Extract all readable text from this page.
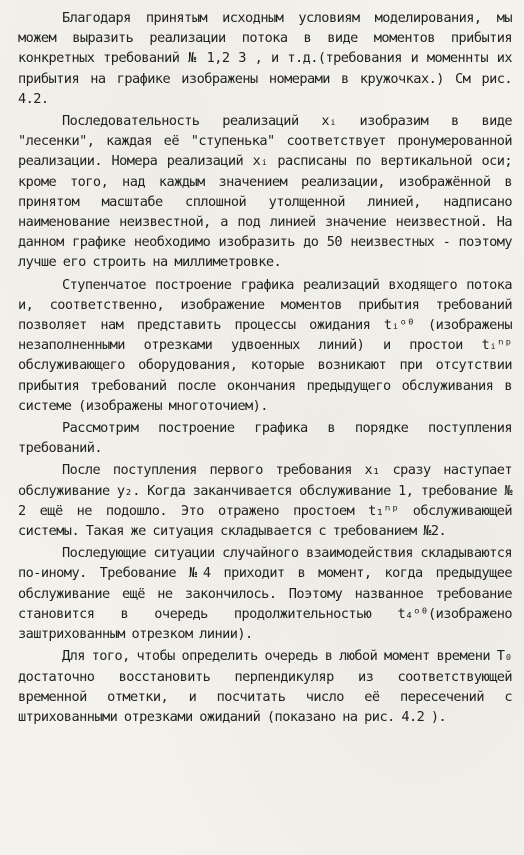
Благодаря принятым исходным условиям моделирования, мы можем выразить реализации потока в виде моментов прибытия конкретных требований № 1,2 3 , и т.д.(требования и моменнты их прибытия на графике изображены номерами в кружочках.) См рис. 4.2.

Последовательность реализаций xᵢ изобразим в виде "лесенки", каждая её "ступенька" соответствует пронумерованной реализации. Номера реализаций xᵢ расписаны по вертикальной оси; кроме того, над каждым значением реализации, изображённой в принятом масштабе сплошной утолщенной линией, надписано наименование неизвестной, а под линией значение неизвестной. На данном графике необходимо изобразить до 50 неизвестных - поэтому лучше его строить на миллиметровке.

Ступенчатое построение графика реализаций входящего потока и, соответственно, изображение моментов прибытия требований позволяет нам представить процессы ожидания tᵢᵒᶿ (изображены незаполненными отрезками удвоенных линий) и простои tᵢⁿᵖ обслуживающего оборудования, которые возникают при отсутствии прибытия требований после окончания предыдущего обслуживания в системе (изображены многоточием).

Рассмотрим построение графика в порядке поступления требований.

После поступления первого требования x₁ сразу наступает обслуживание y₂. Когда заканчивается обслуживание 1, требование № 2 ещё не подошло. Это отражено простоем t₁ⁿᵖ обслуживающей системы. Такая же ситуация складывается с требованием №2.

Последующие ситуации случайного взаимодействия складываются по-иному. Требование №4 приходит в момент, когда предыдущее обслуживание ещё не закончилось. Поэтому названное требование становится в очередь продолжительностью t₄ᵒᶿ(изображено заштрихованным отрезком линии).

Для того, чтобы определить очередь в любой момент времени T₀ достаточно восстановить перпендикуляр из соответствующей временной отметки, и посчитать число её пересечений с штрихованными отрезками ожиданий (показано на рис. 4.2 ).
